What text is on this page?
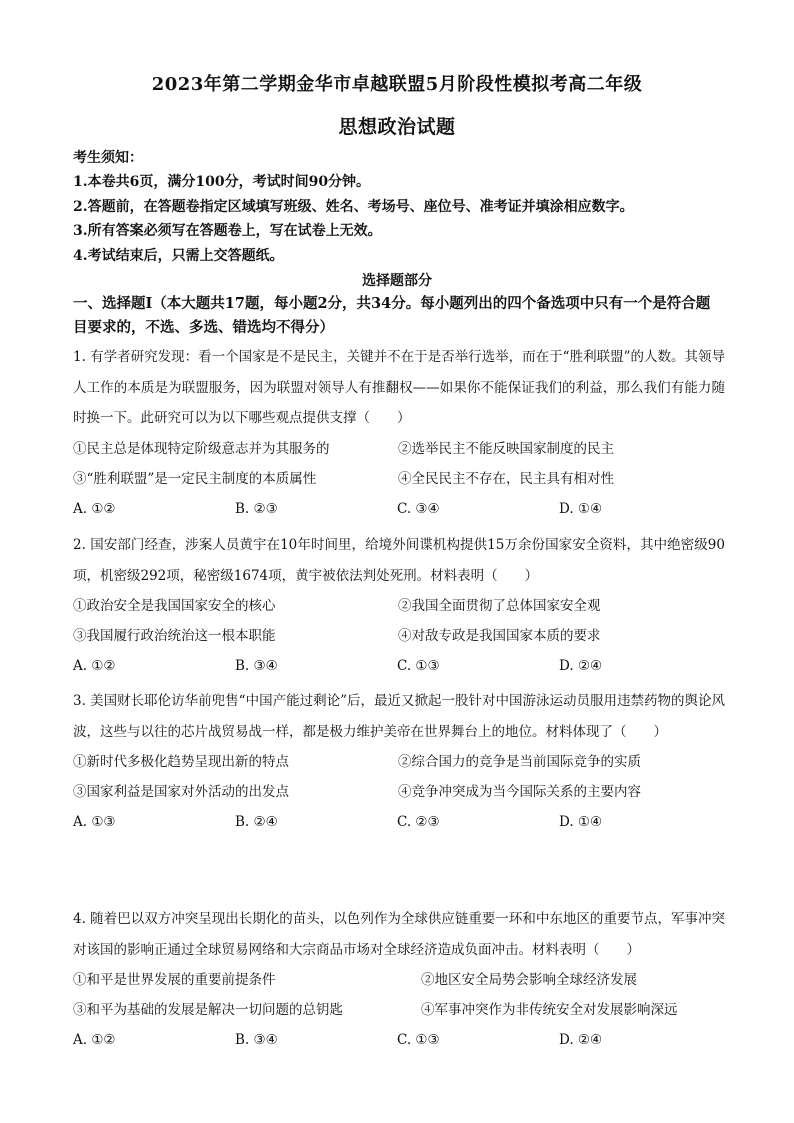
2023年第二学期金华市卓越联盟5月阶段性模拟考高二年级
思想政治试题
考生须知：
1.本卷共6页，满分100分，考试时间90分钟。
2.答题前，在答题卷指定区域填写班级、姓名、考场号、座位号、准考证并填涂相应数字。
3.所有答案必须写在答题卷上，写在试卷上无效。
4.考试结束后，只需上交答题纸。
选择题部分
一、选择题Ⅰ（本大题共17题，每小题2分，共34分。每小题列出的四个备选项中只有一个是符合题目要求的，不选、多选、错选均不得分）
1. 有学者研究发现：看一个国家是不是民主，关键并不在于是否举行选举，而在于“胜利联盟”的人数。其领导人工作的本质是为联盟服务，因为联盟对领导人有推翻权——如果你不能保证我们的利益，那么我们有能力随时换一下。此研究可以为以下哪些观点提供支撑（　　）
①民主总是体现特定阶级意志并为其服务的	②选举民主不能反映国家制度的民主
③“胜利联盟”是一定民主制度的本质属性	④全民民主不存在，民主具有相对性
A. ①②	B. ②③	C. ③④	D. ①④
2. 国安部门经查，涉案人员黄宇在10年时间里，给境外间谍机构提供15万余份国家安全资料，其中绝密级90项，机密级292项，秘密级1674项，黄宇被依法判处死刑。材料表明（　　）
①政治安全是我国国家安全的核心	②我国全面贯彻了总体国家安全观
③我国履行政治统治这一根本职能	④对敌专政是我国国家本质的要求
A. ①②	B. ③④	C. ①③	D. ②④
3. 美国财长耶伦访华前兜售“中国产能过剩论”后，最近又掀起一股针对中国游泳运动员服用违禁药物的舆论风波，这些与以往的芯片战贸易战一样，都是极力维护美帝在世界舞台上的地位。材料体现了（　　）
①新时代多极化趋势呈现出新的特点	②综合国力的竞争是当前国际竞争的实质
③国家利益是国家对外活动的出发点	④竞争冲突成为当今国际关系的主要内容
A. ①③	B. ②④	C. ②③	D. ①④
4. 随着巴以双方冲突呈现出长期化的苗头，以色列作为全球供应链重要一环和中东地区的重要节点，军事冲突对该国的影响正通过全球贸易网络和大宗商品市场对全球经济造成负面冲击。材料表明（　　）
①和平是世界发展的重要前提条件	②地区安全局势会影响全球经济发展
③和平为基础的发展是解决一切问题的总钥匙	④军事冲突作为非传统安全对发展影响深远
A. ①②	B. ③④	C. ①③	D. ②④
